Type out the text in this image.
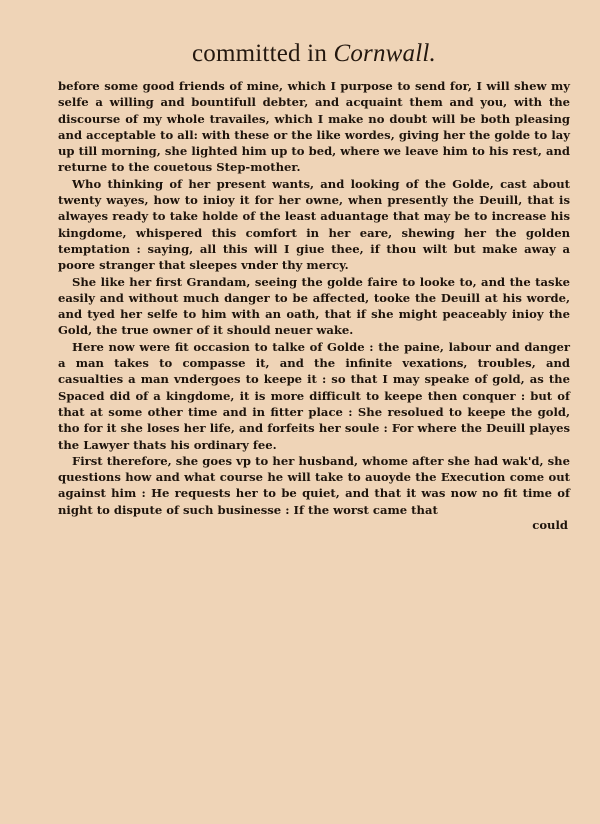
committed in Cornwall.

before some good friends of mine, which I purpose to send for, I will shew my selfe a willing and bountifull debter, and acquaint them and you, with the discourse of my whole travailes, which I make no doubt will be both pleasing and acceptable to all: with these or the like wordes, giving her the golde to lay up till morning, she lighted him up to bed, where we leave him to his rest, and returne to the couetous Step-mother.

Who thinking of her present wants, and looking of the Golde, cast about twenty wayes, how to inioy it for her owne, when presently the Deuill, that is alwayes ready to take holde of the least aduantage that may be to increase his kingdome, whispered this comfort in her eare, shewing her the golden temptation : saying, all this will I giue thee, if thou wilt but make away a poore stranger that sleepes vnder thy mercy.

She like her first Grandam, seeing the golde faire to looke to, and the taske easily and without much danger to be affected, tooke the Deuill at his worde, and tyed her selfe to him with an oath, that if she might peaceably inioy the Gold, the true owner of it should neuer wake.

Here now were fit occasion to talke of Golde : the paine, labour and danger a man takes to compasse it, and the infinite vexations, troubles, and casualties a man vndergoes to keepe it : so that I may speake of gold, as the Spaced did of a kingdome, it is more difficult to keepe then conquer : but of that at some other time and in fitter place : She resolued to keepe the gold, tho for it she loses her life, and forfeits her soule : For where the Deuill playes the Lawyer thats his ordinary fee.

First therefore, she goes vp to her husband, whome after she had wak'd, she questions how and what course he will take to auoyde the Execution come out against him : He requests her to be quiet, and that it was now no fit time of night to dispute of such businesse : If the worst came that

could
